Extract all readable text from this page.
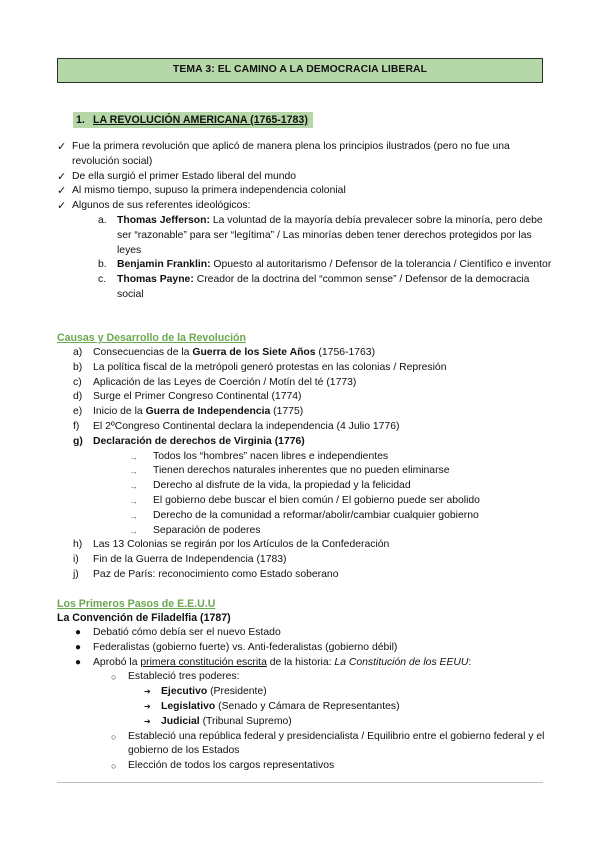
TEMA 3: EL CAMINO A LA DEMOCRACIA LIBERAL
1. LA REVOLUCIÓN AMERICANA (1765-1783)
✓ Fue la primera revolución que aplicó de manera plena los principios ilustrados (pero no fue una revolución social)
✓ De ella surgió el primer Estado liberal del mundo
✓ Al mismo tiempo, supuso la primera independencia colonial
✓ Algunos de sus referentes ideológicos:
a. Thomas Jefferson: La voluntad de la mayoría debía prevalecer sobre la minoría, pero debe ser “razonable” para ser “legítima” / Las minorías deben tener derechos protegidos por las leyes
b. Benjamin Franklin: Opuesto al autoritarismo / Defensor de la tolerancia / Científico e inventor
c. Thomas Payne: Creador de la doctrina del “common sense” / Defensor de la democracia social
Causas y Desarrollo de la Revolución
a) Consecuencias de la Guerra de los Siete Años (1756-1763)
b) La política fiscal de la metrópoli generó protestas en las colonias / Represión
c) Aplicación de las Leyes de Coerción / Motín del té (1773)
d) Surge el Primer Congreso Continental (1774)
e) Inicio de la Guerra de Independencia (1775)
f) El 2ºCongreso Continental declara la independencia (4 Julio 1776)
g) Declaración de derechos de Virginia (1776)
→ Todos los “hombres” nacen libres e independientes
→ Tienen derechos naturales inherentes que no pueden eliminarse
→ Derecho al disfrute de la vida, la propiedad y la felicidad
→ El gobierno debe buscar el bien común / El gobierno puede ser abolido
→ Derecho de la comunidad a reformar/abolir/cambiar cualquier gobierno
→ Separación de poderes
h) Las 13 Colonias se regirán por los Artículos de la Confederación
i) Fin de la Guerra de Independencia (1783)
j) Paz de París: reconocimiento como Estado soberano
Los Primeros Pasos de E.E.U.U
La Convención de Filadelfia (1787)
● Debatió cómo debía ser el nuevo Estado
● Federalistas (gobierno fuerte) vs. Anti-federalistas (gobierno débil)
● Aprobó la primera constitución escrita de la historia: La Constitución de los EEUU:
○ Estableció tres poderes:
➔ Ejecutivo (Presidente)
➔ Legislativo (Senado y Cámara de Representantes)
➔ Judicial (Tribunal Supremo)
○ Estableció una república federal y presidencialista / Equilibrio entre el gobierno federal y el gobierno de los Estados
○ Elección de todos los cargos representativos
